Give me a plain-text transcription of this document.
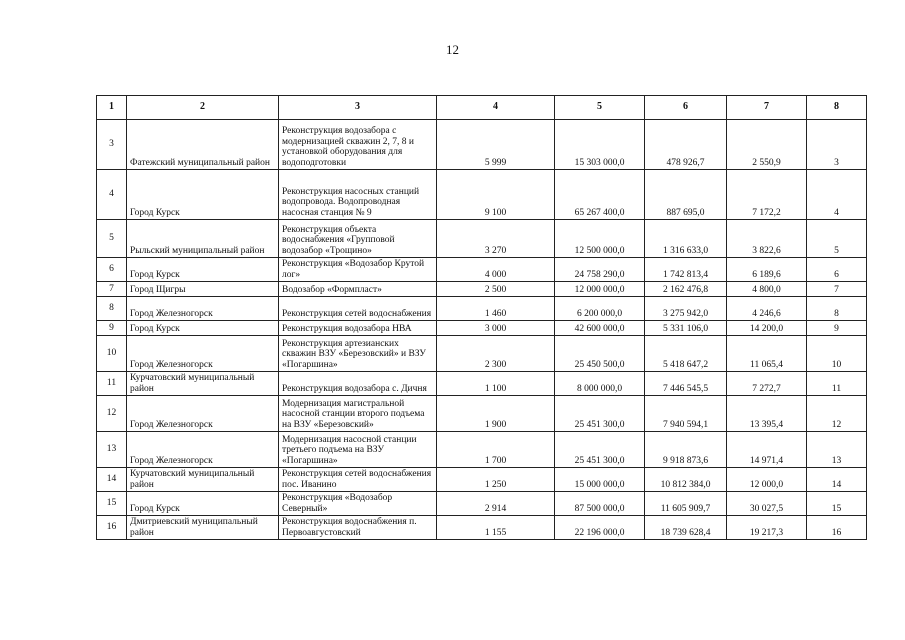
12
1	2	3	4	5	6	7	8
3	Фатежский муниципальный район	Реконструкция водозабора с модернизацией скважин 2, 7, 8 и установкой оборудования для водоподготовки	5 999	15 303 000,0	478 926,7	2 550,9	3
4	Город Курск	Реконструкция насосных станций водопровода. Водопроводная насосная станция № 9	9 100	65 267 400,0	887 695,0	7 172,2	4
5	Рыльский муниципальный район	Реконструкция объекта водоснабжения «Групповой водозабор «Трощино»	3 270	12 500 000,0	1 316 633,0	3 822,6	5
6	Город Курск	Реконструкция «Водозабор Крутой лог»	4 000	24 758 290,0	1 742 813,4	6 189,6	6
7	Город Щигры	Водозабор «Формпласт»	2 500	12 000 000,0	2 162 476,8	4 800,0	7
8	Город Железногорск	Реконструкция сетей водоснабжения	1 460	6 200 000,0	3 275 942,0	4 246,6	8
9	Город Курск	Реконструкция водозабора НВА	3 000	42 600 000,0	5 331 106,0	14 200,0	9
10	Город Железногорск	Реконструкция артезианских скважин ВЗУ «Березовский» и ВЗУ «Погаршина»	2 300	25 450 500,0	5 418 647,2	11 065,4	10
11	Курчатовский муниципальный район	Реконструкция водозабора с. Дичня	1 100	8 000 000,0	7 446 545,5	7 272,7	11
12	Город Железногорск	Модернизация магистральной насосной станции второго подъема на ВЗУ «Березовский»	1 900	25 451 300,0	7 940 594,1	13 395,4	12
13	Город Железногорск	Модернизация насосной станции третьего подъема на ВЗУ «Погаршина»	1 700	25 451 300,0	9 918 873,6	14 971,4	13
14	Курчатовский муниципальный район	Реконструкция сетей водоснабжения пос. Иванино	1 250	15 000 000,0	10 812 384,0	12 000,0	14
15	Город Курск	Реконструкция «Водозабор Северный»	2 914	87 500 000,0	11 605 909,7	30 027,5	15
16	Дмитриевский муниципальный район	Реконструкция водоснабжения п. Первоавгустовский	1 155	22 196 000,0	18 739 628,4	19 217,3	16
